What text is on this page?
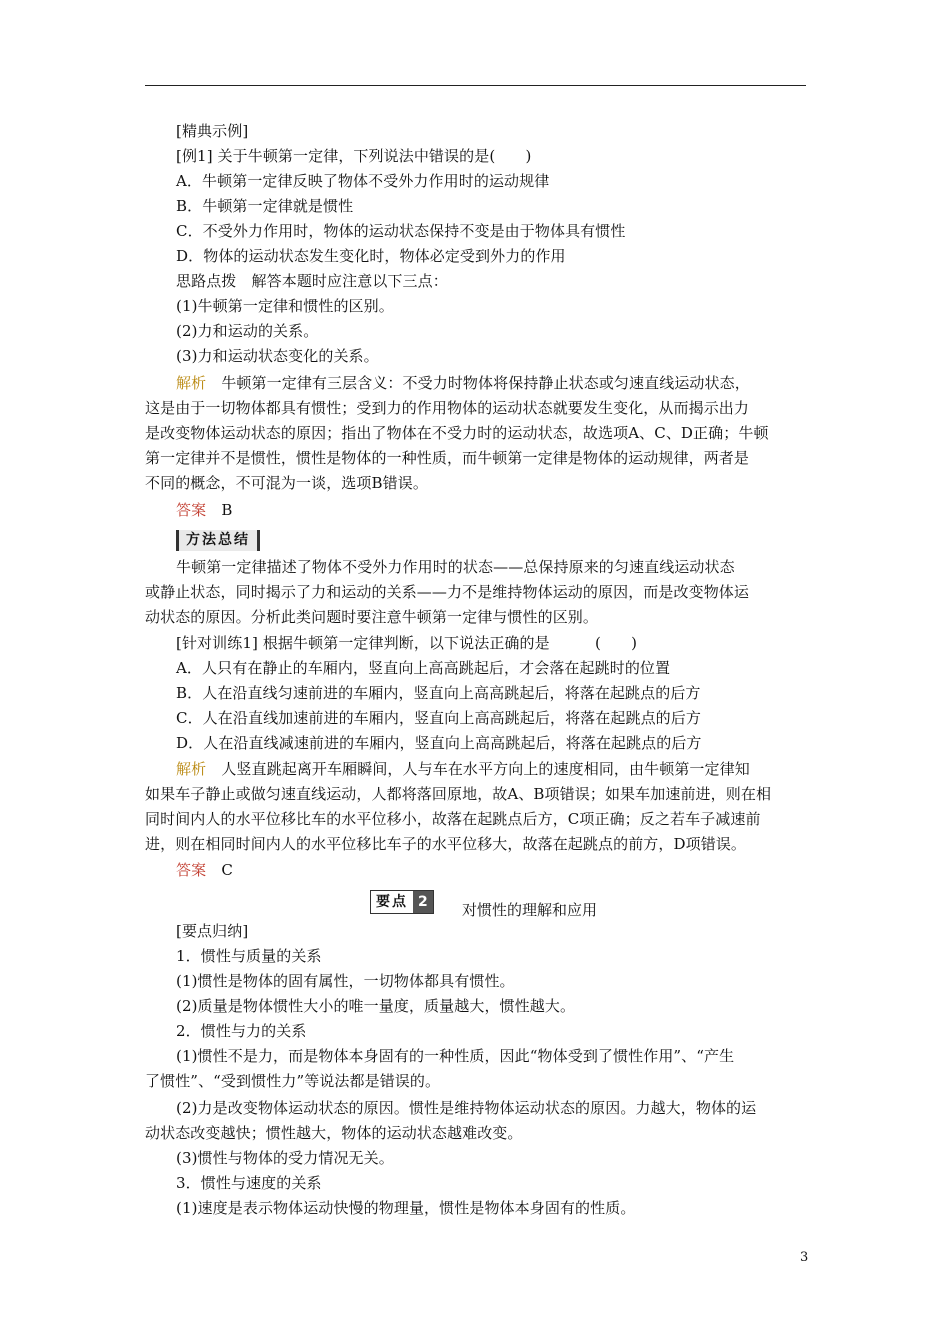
[精典示例]
[例1] 关于牛顿第一定律，下列说法中错误的是(　　)
A．牛顿第一定律反映了物体不受外力作用时的运动规律
B．牛顿第一定律就是惯性
C．不受外力作用时，物体的运动状态保持不变是由于物体具有惯性
D．物体的运动状态发生变化时，物体必定受到外力的作用
思路点拨　 解答本题时应注意以下三点：
(1)牛顿第一定律和惯性的区别。
(2)力和运动的关系。
(3)力和运动状态变化的关系。
解析　 牛顿第一定律有三层含义：不受力时物体将保持静止状态或匀速直线运动状态，
这是由于一切物体都具有惯性；受到力的作用物体的运动状态就要发生变化，从而揭示出力
是改变物体运动状态的原因；指出了物体在不受力时的运动状态，故选项A、C、D正确；牛顿
第一定律并不是惯性，惯性是物体的一种性质，而牛顿第一定律是物体的运动规律，两者是
不同的概念，不可混为一谈，选项B错误。
答案　 B
方法总结
牛顿第一定律描述了物体不受外力作用时的状态——总保持原来的匀速直线运动状态
或静止状态，同时揭示了力和运动的关系——力不是维持物体运动的原因，而是改变物体运
动状态的原因。分析此类问题时要注意牛顿第一定律与惯性的区别。
[针对训练1] 根据牛顿第一定律判断，以下说法正确的是　　　(　　)
A．人只有在静止的车厢内，竖直向上高高跳起后，才会落在起跳时的位置
B．人在沿直线匀速前进的车厢内，竖直向上高高跳起后，将落在起跳点的后方
C．人在沿直线加速前进的车厢内，竖直向上高高跳起后，将落在起跳点的后方
D．人在沿直线减速前进的车厢内，竖直向上高高跳起后，将落在起跳点的后方
解析　 人竖直跳起离开车厢瞬间，人与车在水平方向上的速度相同，由牛顿第一定律知
如果车子静止或做匀速直线运动，人都将落回原地，故A、B项错误；如果车加速前进，则在相
同时间内人的水平位移比车的水平位移小，故落在起跳点后方，C项正确；反之若车子减速前
进，则在相同时间内人的水平位移比车子的水平位移大，故落在起跳点的前方，D项错误。
答案　 C
要点 2	对惯性的理解和应用
[要点归纳]
1．惯性与质量的关系
(1)惯性是物体的固有属性，一切物体都具有惯性。
(2)质量是物体惯性大小的唯一量度，质量越大，惯性越大。
2．惯性与力的关系
(1)惯性不是力，而是物体本身固有的一种性质，因此“物体受到了惯性作用”、“产生
了惯性”、“受到惯性力”等说法都是错误的。
(2)力是改变物体运动状态的原因。惯性是维持物体运动状态的原因。力越大，物体的运
动状态改变越快；惯性越大，物体的运动状态越难改变。
(3)惯性与物体的受力情况无关。
3．惯性与速度的关系
(1)速度是表示物体运动快慢的物理量，惯性是物体本身固有的性质。
3
